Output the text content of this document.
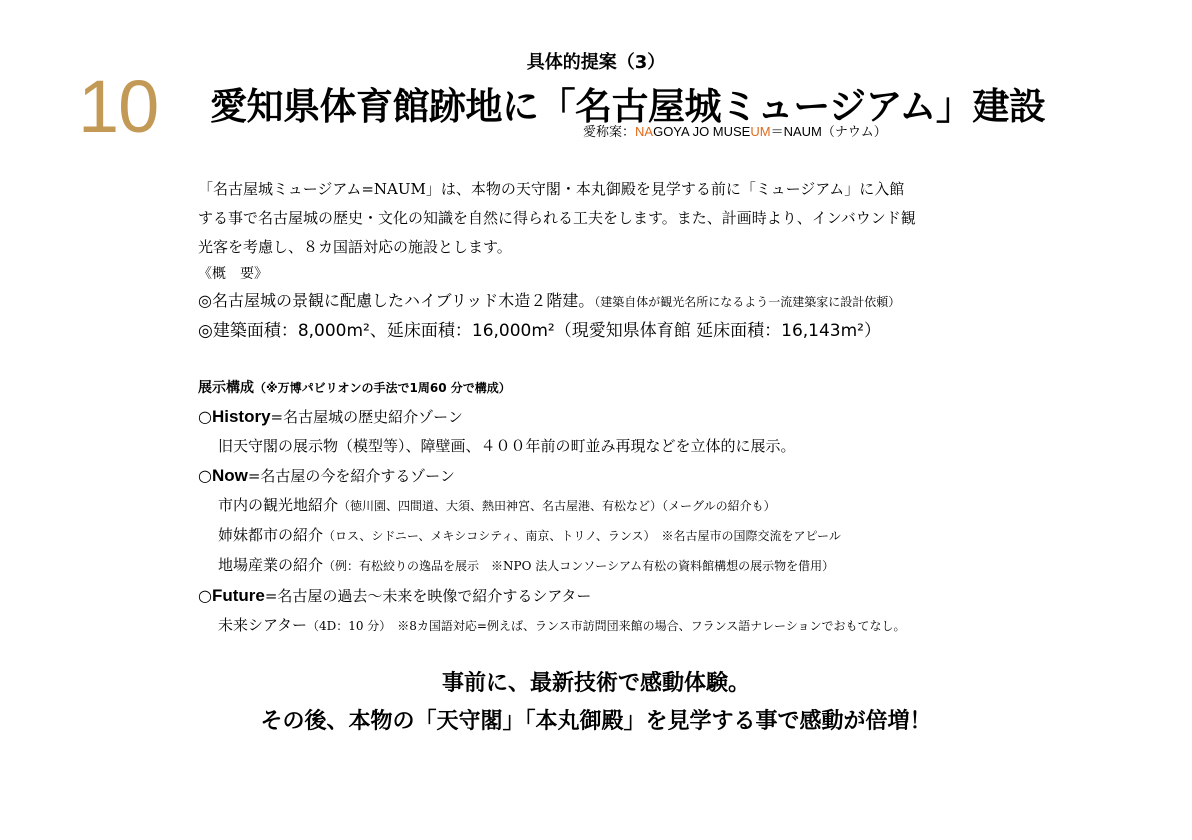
10
具体的提案（3）
愛知県体育館跡地に「名古屋城ミュージアム」建設
愛称案：NAGOYA JO MUSEUM＝NAUM（ナウム）
「名古屋城ミュージアム=NAUM」は、本物の天守閣・本丸御殿を見学する前に「ミュージアム」に入館
する事で名古屋城の歴史・文化の知識を自然に得られる工夫をします。また、計画時より、インバウンド観
光客を考慮し、８カ国語対応の施設とします。
《概　要》
◎名古屋城の景観に配慮したハイブリッド木造２階建。（建築自体が観光名所になるよう一流建築家に設計依頼）
◎建築面積：8,000m²、延床面積：16,000m²（現愛知県体育館 延床面積：16,143m²）
展示構成（※万博パビリオンの手法で1周60 分で構成）
○History=名古屋城の歴史紹介ゾーン
旧天守閣の展示物（模型等）、障壁画、４００年前の町並み再現などを立体的に展示。
○Now=名古屋の今を紹介するゾーン
市内の観光地紹介（徳川園、四間道、大須、熱田神宮、名古屋港、有松など）（メーグルの紹介も）
姉妹都市の紹介（ロス、シドニー、メキシコシティ、南京、トリノ、ランス）　※名古屋市の国際交流をアピール
地場産業の紹介（例：有松絞りの逸品を展示　※NPO 法人コンソーシアム有松の資料館構想の展示物を借用）
○Future=名古屋の過去～未来を映像で紹介するシアター
未来シアター（4D：10 分）　※8カ国語対応=例えば、ランス市訪問団来館の場合、フランス語ナレーションでおもてなし。
事前に、最新技術で感動体験。
その後、本物の「天守閣」「本丸御殿」を見学する事で感動が倍増！
